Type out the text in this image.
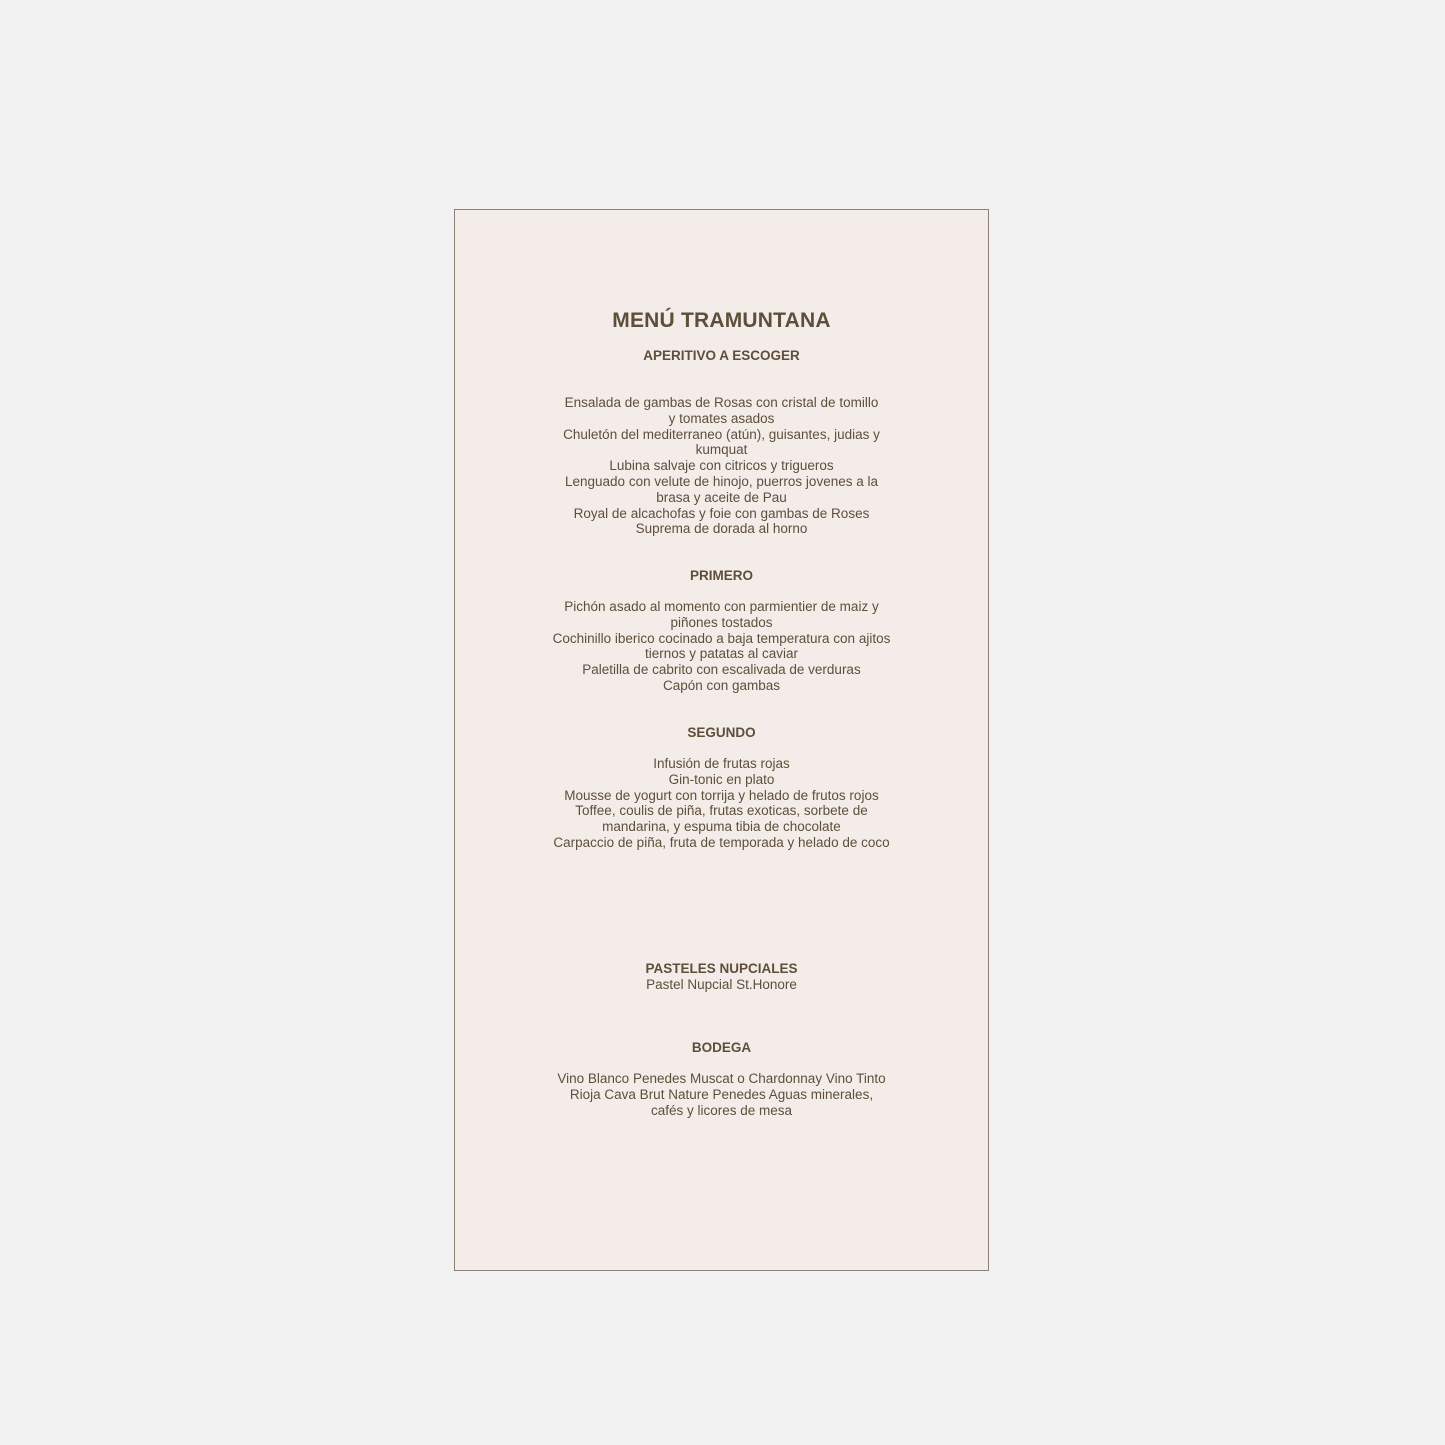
MENÚ TRAMUNTANA
APERITIVO A ESCOGER
Ensalada de gambas de Rosas con cristal de tomillo
y tomates asados
Chuletón del mediterraneo (atún), guisantes, judias y
kumquat
Lubina salvaje con citricos y trigueros
Lenguado con velute de hinojo, puerros jovenes a la
brasa y aceite de Pau
Royal de alcachofas y foie con gambas de Roses
Suprema de dorada al horno
PRIMERO
Pichón asado al momento con parmientier de maiz y
piñones tostados
Cochinillo iberico cocinado a baja temperatura con ajitos
tiernos y patatas al caviar
Paletilla de cabrito con escalivada de verduras
Capón con gambas
SEGUNDO
Infusión de frutas rojas
Gin-tonic en plato
Mousse de yogurt con torrija y helado de frutos rojos
Toffee, coulis de piña, frutas exoticas, sorbete de
mandarina, y espuma tibia de chocolate
Carpaccio de piña, fruta de temporada y helado de coco
PASTELES NUPCIALES
Pastel Nupcial St.Honore
BODEGA
Vino Blanco Penedes Muscat o Chardonnay Vino Tinto
Rioja Cava Brut Nature Penedes Aguas minerales,
cafés y licores de mesa
